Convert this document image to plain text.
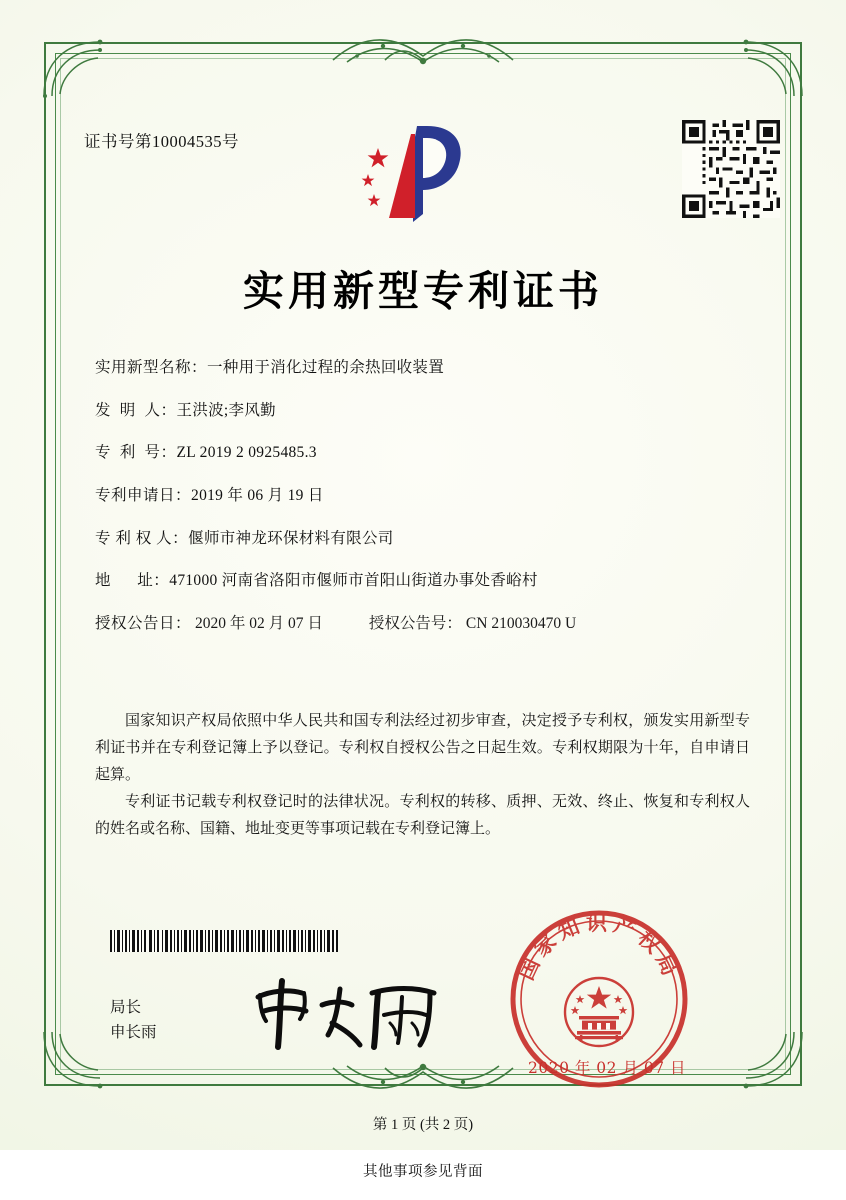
证书号第10004535号
实用新型专利证书
实用新型名称： 一种用于消化过程的余热回收装置
发  明  人： 王洪波;李风勤
专  利  号： ZL 2019 2 0925485.3
专利申请日： 2019 年 06 月 19 日
专 利 权 人： 偃师市神龙环保材料有限公司
地      址： 471000 河南省洛阳市偃师市首阳山街道办事处香峪村
授权公告日： 2020 年 02 月 07 日	授权公告号： CN 210030470 U

国家知识产权局依照中华人民共和国专利法经过初步审查，决定授予专利权，颁发实用新型专利证书并在专利登记簿上予以登记。专利权自授权公告之日起生效。专利权期限为十年，自申请日起算。

专利证书记载专利权登记时的法律状况。专利权的转移、质押、无效、终止、恢复和专利权人的姓名或名称、国籍、地址变更等事项记载在专利登记簿上。

局长
申长雨
国家知识产权局
2020 年 02 月 07 日
第 1 页 (共 2 页)
其他事项参见背面
